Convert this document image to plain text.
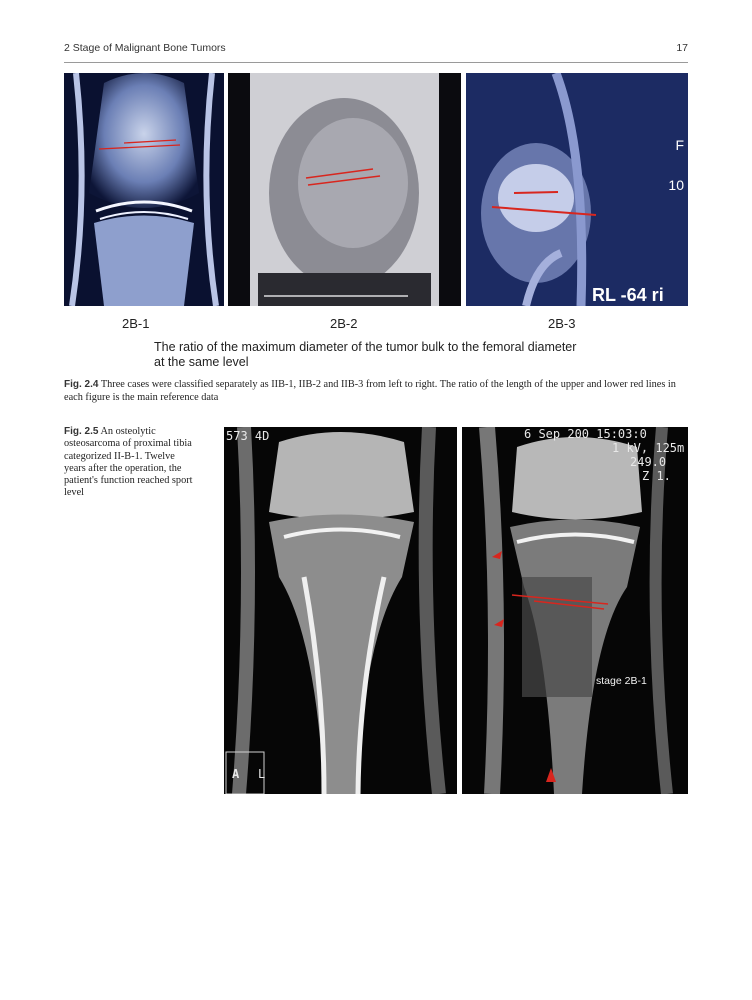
2 Stage of Malignant Bone Tumors	17
F
10
RL -64 ri
2B-1	2B-2	2B-3
The ratio of the maximum diameter of the tumor bulk to the femoral diameter at the same level
Fig. 2.4 Three cases were classified separately as IIB-1, IIB-2 and IIB-3 from left to right. The ratio of the length of the upper and lower red lines in each figure is the main reference data
Fig. 2.5 An osteolytic osteosarcoma of proximal tibia categorized II-B-1. Twelve years after the operation, the patient's function reached sport level
573 4D
A L
6 Sep 200 15:03:0
1 kV, 125m
249.0
Z 1.
stage 2B-1
